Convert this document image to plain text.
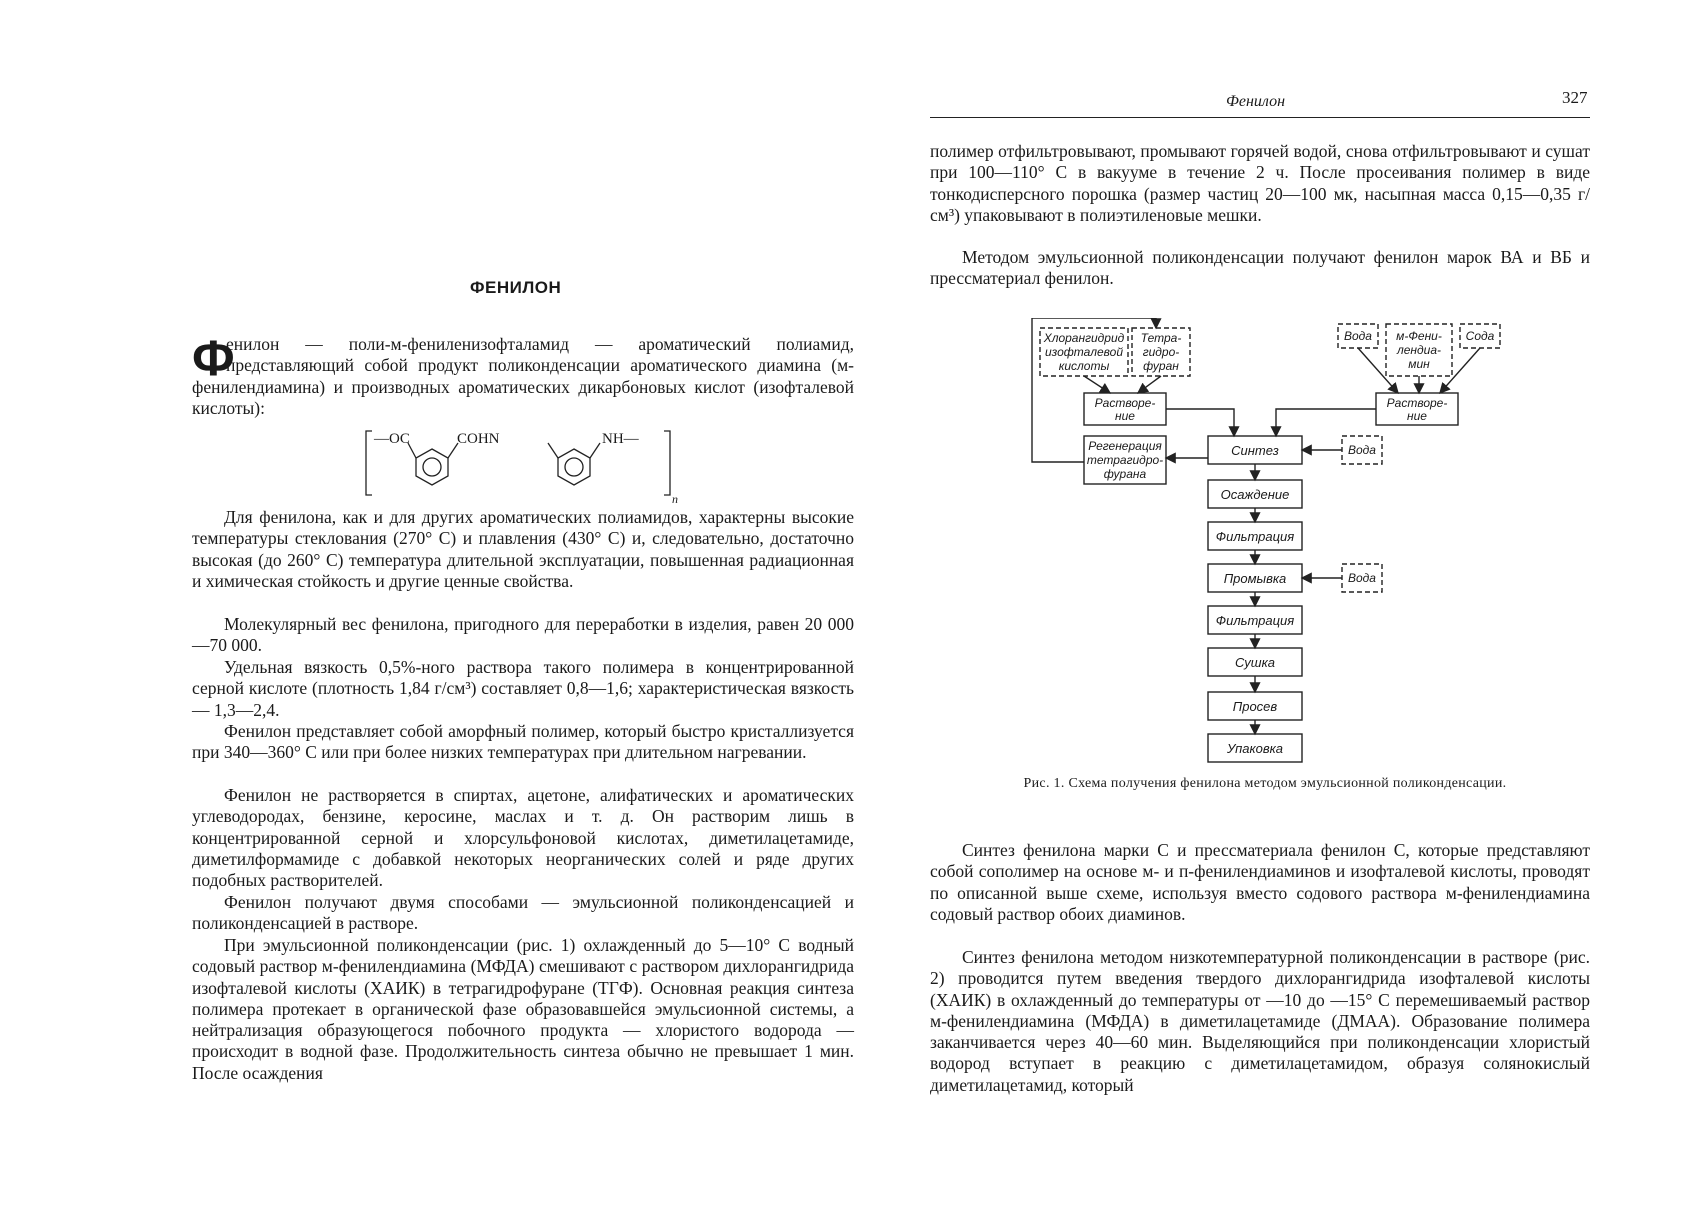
Фенилон	327
ФЕНИЛОН
Ф

енилон — поли-м-фениленизофталамид — ароматический полиамид, представляющий собой продукт поликонденсации ароматического диамина (м-фенилендиамина) и производных ароматических дикарбоновых кислот (изофталевой кислоты):

Для фенилона, как и для других ароматических полиамидов, характерны высокие температуры стеклования (270° С) и плавления (430° С) и, следовательно, достаточно высокая (до 260° С) температура длительной эксплуатации, повышенная радиационная и химическая стойкость и другие ценные свойства.

Молекулярный вес фенилона, пригодного для переработки в изделия, равен 20 000—70 000.

Удельная вязкость 0,5%-ного раствора такого полимера в концентрированной серной кислоте (плотность 1,84 г/см³) составляет 0,8—1,6; характеристическая вязкость — 1,3—2,4.

Фенилон представляет собой аморфный полимер, который быстро кристаллизуется при 340—360° С или при более низких температурах при длительном нагревании.

Фенилон не растворяется в спиртах, ацетоне, алифатических и ароматических углеводородах, бензине, керосине, маслах и т. д. Он растворим лишь в концентрированной серной и хлорсульфоновой кислотах, диметилацетамиде, диметилформамиде с добавкой некоторых неорганических солей и ряде других подобных растворителей.

Фенилон получают двумя способами — эмульсионной поликонденсацией и поликонденсацией в растворе.

При эмульсионной поликонденсации (рис. 1) охлажденный до 5—10° С водный содовый раствор м-фенилендиамина (МФДА) смешивают с раствором дихлорангидрида изофталевой кислоты (ХАИК) в тетрагидрофуране (ТГФ). Основная реакция синтеза полимера протекает в органической фазе образовавшейся эмульсионной системы, а нейтрализация образующегося побочного продукта — хлористого водорода — происходит в водной фазе. Продолжительность синтеза обычно не превышает 1 мин. После осаждения

—OC	COHN	NH—
n

полимер отфильтровывают, промывают горячей водой, снова отфильтровывают и сушат при 100—110° С в вакууме в течение 2 ч. После просеивания полимер в виде тонкодисперсного порошка (размер частиц 20—100 мк, насыпная масса 0,15—0,35 г/см³) упаковывают в полиэтиленовые мешки.

Методом эмульсионной поликонденсации получают фенилон марок ВА и ВБ и прессматериал фенилон.

Синтез фенилона марки С и прессматериала фенилон С, которые представляют собой сополимер на основе м- и п-фенилендиаминов и изофталевой кислоты, проводят по описанной выше схеме, используя вместо содового раствора м-фенилендиамина содовый раствор обоих диаминов.

Синтез фенилона методом низкотемпературной поликонденсации в растворе (рис. 2) проводится путем введения твердого дихлорангидрида изофталевой кислоты (ХАИК) в охлажденный до температуры от —10 до —15° С перемешиваемый раствор м-фенилендиамина (МФДА) в диметилацетамиде (ДМАА). Образование полимера заканчивается через 40—60 мин. Выделяющийся при поликонденсации хлористый водород вступает в реакцию с диметилацетамидом, образуя солянокислый диметилацетамид, который

Хлорангидрид
изофталевой
кислоты
Тетра-
гидро-
фуран
Вода м-Фени-
лендиа-
мин
Сода
Растворе-
ние
Растворе-
ние
Регенерация
тетрагидро-
фурана
Вода
Вода
Синтез
Осаждение
Фильтрация
Промывка
Фильтрация
Сушка
Просев
Упаковка
Рис. 1. Схема получения фенилона методом эмульсионной поликонденсации.
